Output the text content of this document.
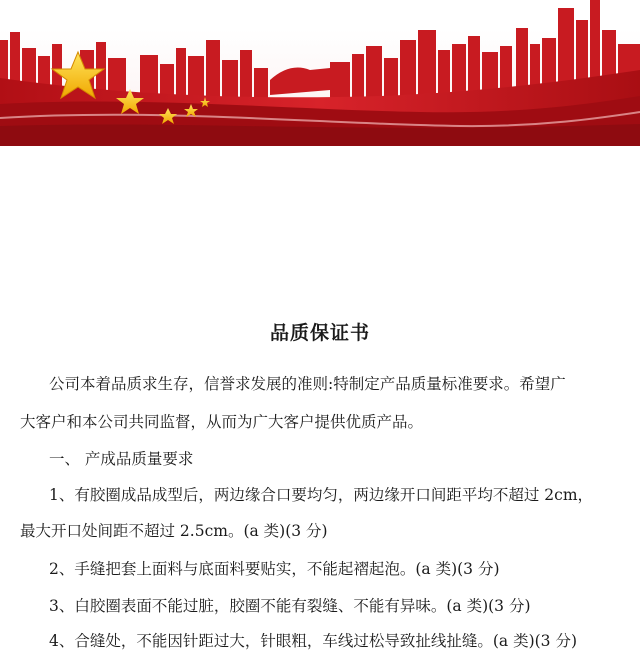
品质保证书
公司本着品质求生存，信誉求发展的准则:特制定产品质量标准要求。希望广
大客户和本公司共同监督，从而为广大客户提供优质产品。
一、 产成品质量要求
1、有胶圈成品成型后，两边缘合口要均匀，两边缘开口间距平均不超过 2cm，
最大开口处间距不超过 2.5cm。(a 类)(3 分)
2、手缝把套上面料与底面料要贴实，不能起褶起泡。(a 类)(3 分)
3、白胶圈表面不能过脏，胶圈不能有裂缝、不能有异味。(a 类)(3 分)
4、合缝处，不能因针距过大，针眼粗，车线过松导致扯线扯缝。(a 类)(3 分)
